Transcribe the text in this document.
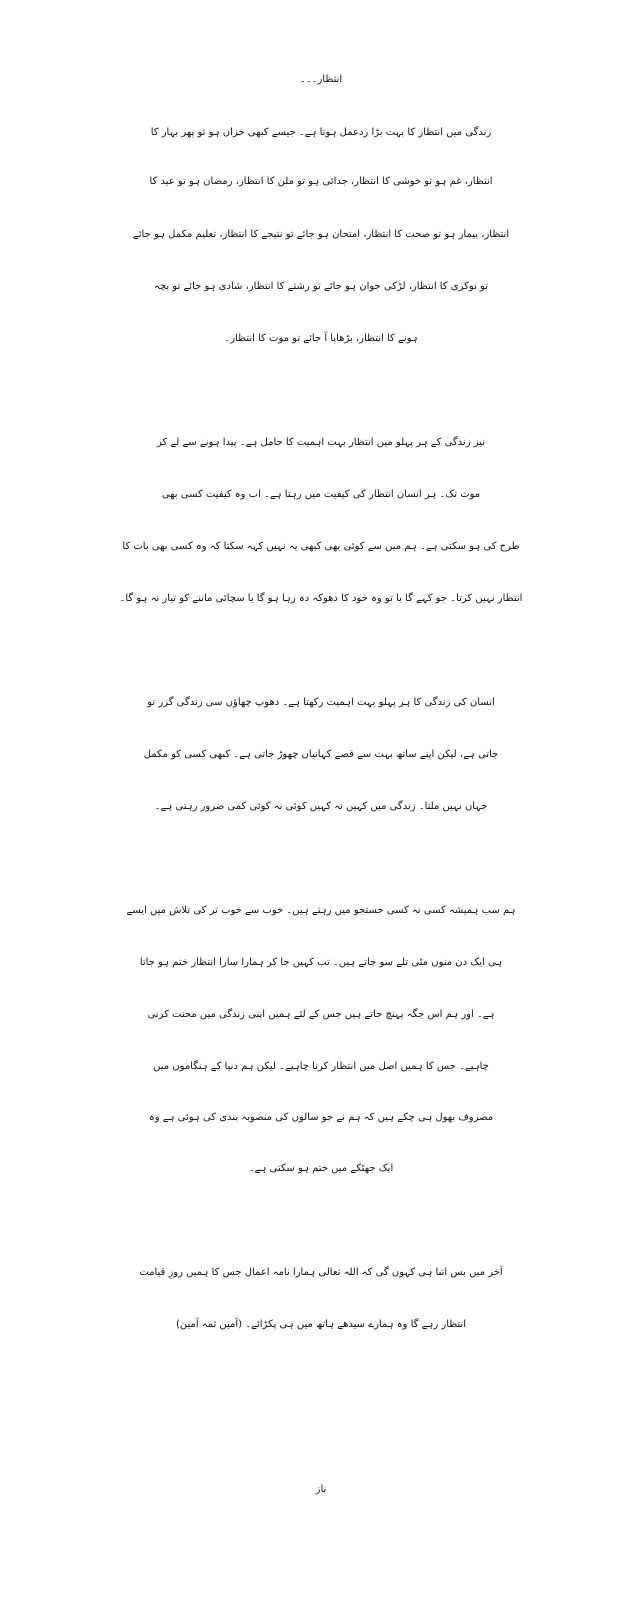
انتظار۔۔۔
زندگی میں انتظار کا بہت بڑا ردعمل ہوتا ہے۔ جیسے کبھی خزاں ہو تو پھر بہار کا
انتظار، غم ہو تو خوشی کا انتظار، جدائی ہو تو ملن کا انتظار، رمضان ہو تو عید کا
انتظار، بیمار ہو تو صحت کا انتظار، امتحان ہو جائے تو نتیجے کا انتظار، تعلیم مکمل ہو جائے
تو نوکری کا انتظار، لڑکی جوان ہو جائے تو رشتے کا انتظار، شادی ہو جائے تو بچہ
ہونے کا انتظار، بڑھاپا آ جائے تو موت کا انتظار۔
نیز زندگی کے ہر پہلو میں انتظار بہت اہمیت کا حامل ہے۔ پیدا ہونے سے لے کر
موت تک۔ ہر انسان انتظار کی کیفیت میں رہتا ہے۔ اب وہ کیفیت کسی بھی
طرح کی ہو سکتی ہے۔ ہم میں سے کوئی بھی کبھی یہ نہیں کہہ سکتا کہ وہ کسی بھی بات کا
انتظار نہیں کرتا۔ جو کہے گا یا تو وہ خود کا دھوکہ دہ رہا ہو گا یا سچائی ماننے کو تیار نہ ہو گا۔
انسان کی زندگی کا ہر پہلو بہت اہمیت رکھتا ہے۔ دھوپ چھاؤں سی زندگی گزر تو
جاتی ہے، لیکن اپنے ساتھ بہت سے قصے کہانیاں چھوڑ جاتی ہے۔ کبھی کسی کو مکمل
جہاں نہیں ملتا۔ زندگی میں کہیں نہ کہیں کوئی نہ کوئی کمی ضرور رہتی ہے۔
ہم سب ہمیشہ کسی نہ کسی جستجو میں رہتے ہیں۔ خوب سے خوب تر کی تلاش میں ایسے
ہی ایک دن منوں مٹی تلے سو جاتے ہیں۔ تب کہیں جا کر ہمارا سارا انتظار ختم ہو جاتا
ہے۔ اور ہم اس جگہ پہنچ جاتے ہیں جس کے لئے ہمیں اپنی زندگی میں محنت کرنی
چاہیے۔ جس کا ہمیں اصل میں انتظار کرنا چاہیے۔ لیکن ہم دنیا کے ہنگاموں میں
مصروف بھول ہی چکے ہیں کہ ہم نے جو سالوں کی منصوبہ بندی کی ہوئی ہے وہ
ایک جھٹکے میں ختم ہو سکتی ہے۔
آخر میں بس اتنا ہی کہوں گی کہ اللہ تعالی ہمارا نامہ اعمال جس کا ہمیں روزِ قیامت
انتظار رہے گا وہ ہمارے سیدھے ہاتھ میں ہی پکڑائے۔ (آمین ثمہ آمین)
ناز
